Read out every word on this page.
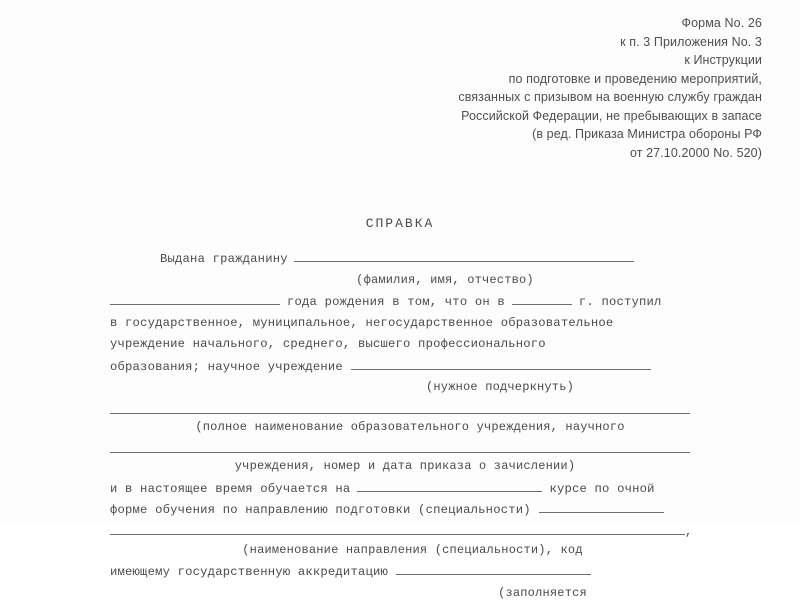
Форма No. 26
к п. 3 Приложения No. 3
к Инструкции
по подготовке и проведению мероприятий,
связанных с призывом на военную службу граждан
Российской Федерации, не пребывающих в запасе
(в ред. Приказа Министра обороны РФ
от 27.10.2000 No. 520)
СПРАВКА
Выдана гражданину
(фамилия, имя, отчество)
года рождения в том, что он в	г. поступил
в государственное, муниципальное, негосударственное образовательное
учреждение начального, среднего, высшего профессионального
образования; научное учреждение
(нужное подчеркнуть)
(полное наименование образовательного учреждения, научного
учреждения, номер и дата приказа о зачислении)
и в настоящее время обучается на	курсе по очной
форме обучения по направлению подготовки (специальности)
,
(наименование направления (специальности), код
имеющему государственную аккредитацию
(заполняется
